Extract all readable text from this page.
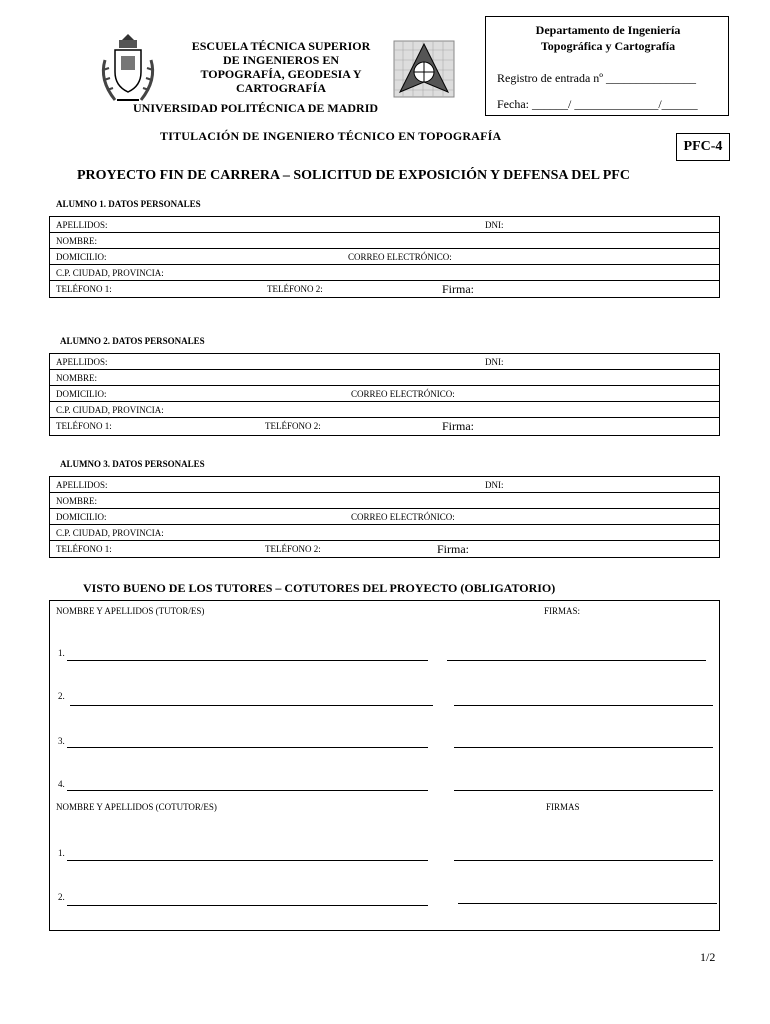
ESCUELA TÉCNICA SUPERIOR
DE INGENIEROS EN
TOPOGRAFÍA, GEODESIA Y
CARTOGRAFÍA
UNIVERSIDAD POLITÉCNICA DE MADRID
Departamento de Ingeniería
Topográfica y Cartografía
Registro de entrada nº _______________
Fecha: ______/ ______________/______
TITULACIÓN DE INGENIERO TÉCNICO EN TOPOGRAFÍA
PFC-4
PROYECTO FIN DE CARRERA – SOLICITUD DE EXPOSICIÓN Y DEFENSA DEL PFC
ALUMNO 1. DATOS PERSONALES
APELLIDOS:	DNI:
NOMBRE:
DOMICILIO:	CORREO ELECTRÓNICO:
C.P. CIUDAD, PROVINCIA:
TELÉFONO 1:	TELÉFONO 2:	Firma:
ALUMNO 2. DATOS PERSONALES
APELLIDOS:	DNI:
NOMBRE:
DOMICILIO:	CORREO ELECTRÓNICO:
C.P. CIUDAD, PROVINCIA:
TELÉFONO 1:	TELÉFONO 2:	Firma:
ALUMNO 3. DATOS PERSONALES
APELLIDOS:	DNI:
NOMBRE:
DOMICILIO:	CORREO ELECTRÓNICO:
C.P. CIUDAD, PROVINCIA:
TELÉFONO 1:	TELÉFONO 2:	Firma:
VISTO BUENO DE LOS TUTORES – COTUTORES DEL PROYECTO (OBLIGATORIO)
NOMBRE Y APELLIDOS (TUTOR/ES)	FIRMAS:
1.
2.
3.
4.
NOMBRE Y APELLIDOS (COTUTOR/ES)	FIRMAS
1.
2.
1/2
